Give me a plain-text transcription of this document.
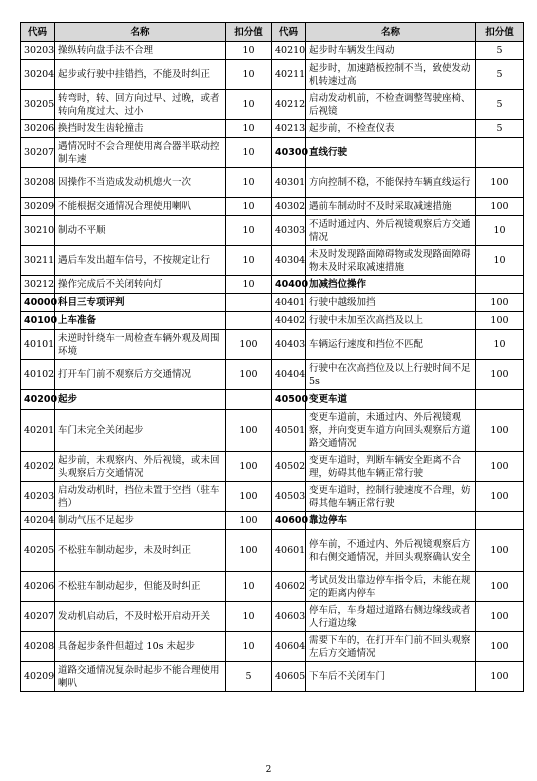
代码	名称	扣分值	代码	名称	扣分值
30203	操纵转向盘手法不合理	10	40210	起步时车辆发生闯动	5
30204	起步或行驶中挂错挡，不能及时纠正	10	40211	起步时，加速踏板控制不当，致使发动机转速过高	5
30205	转弯时，转、回方向过早、过晚，或者转向角度过大、过小	10	40212	启动发动机前，不检查调整驾驶座椅、后视镜	5
30206	换挡时发生齿轮撞击	10	40213	起步前，不检查仪表	5
30207	遇情况时不会合理使用离合器半联动控制车速	10	40300	直线行驶	
30208	因操作不当造成发动机熄火一次	10	40301	方向控制不稳，不能保持车辆直线运行	100
30209	不能根据交通情况合理使用喇叭	10	40302	遇前车制动时不及时采取减速措施	100
30210	制动不平顺	10	40303	不适时通过内、外后视镜观察后方交通情况	10
30211	遇后车发出超车信号，不按规定让行	10	40304	未及时发现路面障碍物或发现路面障碍物未及时采取减速措施	10
30212	操作完成后不关闭转向灯	10	40400	加减挡位操作	
40000	科目三专项评判		40401	行驶中越级加挡	100
40100	上车准备		40402	行驶中未加至次高挡及以上	100
40101	未逆时针绕车一周检查车辆外观及周围环境	100	40403	车辆运行速度和挡位不匹配	10
40102	打开车门前不观察后方交通情况	100	40404	行驶中在次高挡位及以上行驶时间不足 5s	100
40200	起步		40500	变更车道	
40201	车门未完全关闭起步	100	40501	变更车道前，未通过内、外后视镜观察，并向变更车道方向回头观察后方道路交通情况	100
40202	起步前，未观察内、外后视镜，或未回头观察后方交通情况	100	40502	变更车道时，判断车辆安全距离不合理，妨碍其他车辆正常行驶	100
40203	启动发动机时，挡位未置于空挡（驻车挡）	100	40503	变更车道时，控制行驶速度不合理，妨碍其他车辆正常行驶	100
40204	制动气压不足起步	100	40600	靠边停车	
40205	不松驻车制动起步，未及时纠正	100	40601	停车前，不通过内、外后视镜观察后方和右侧交通情况，并回头观察确认安全	100
40206	不松驻车制动起步，但能及时纠正	10	40602	考试员发出靠边停车指令后，未能在规定的距离内停车	100
40207	发动机启动后，不及时松开启动开关	10	40603	停车后，车身超过道路右侧边缘线或者人行道边缘	100
40208	具备起步条件但超过 10s 未起步	10	40604	需要下车的，在打开车门前不回头观察左后方交通情况	100
40209	道路交通情况复杂时起步不能合理使用喇叭	5	40605	下车后不关闭车门	100
2
